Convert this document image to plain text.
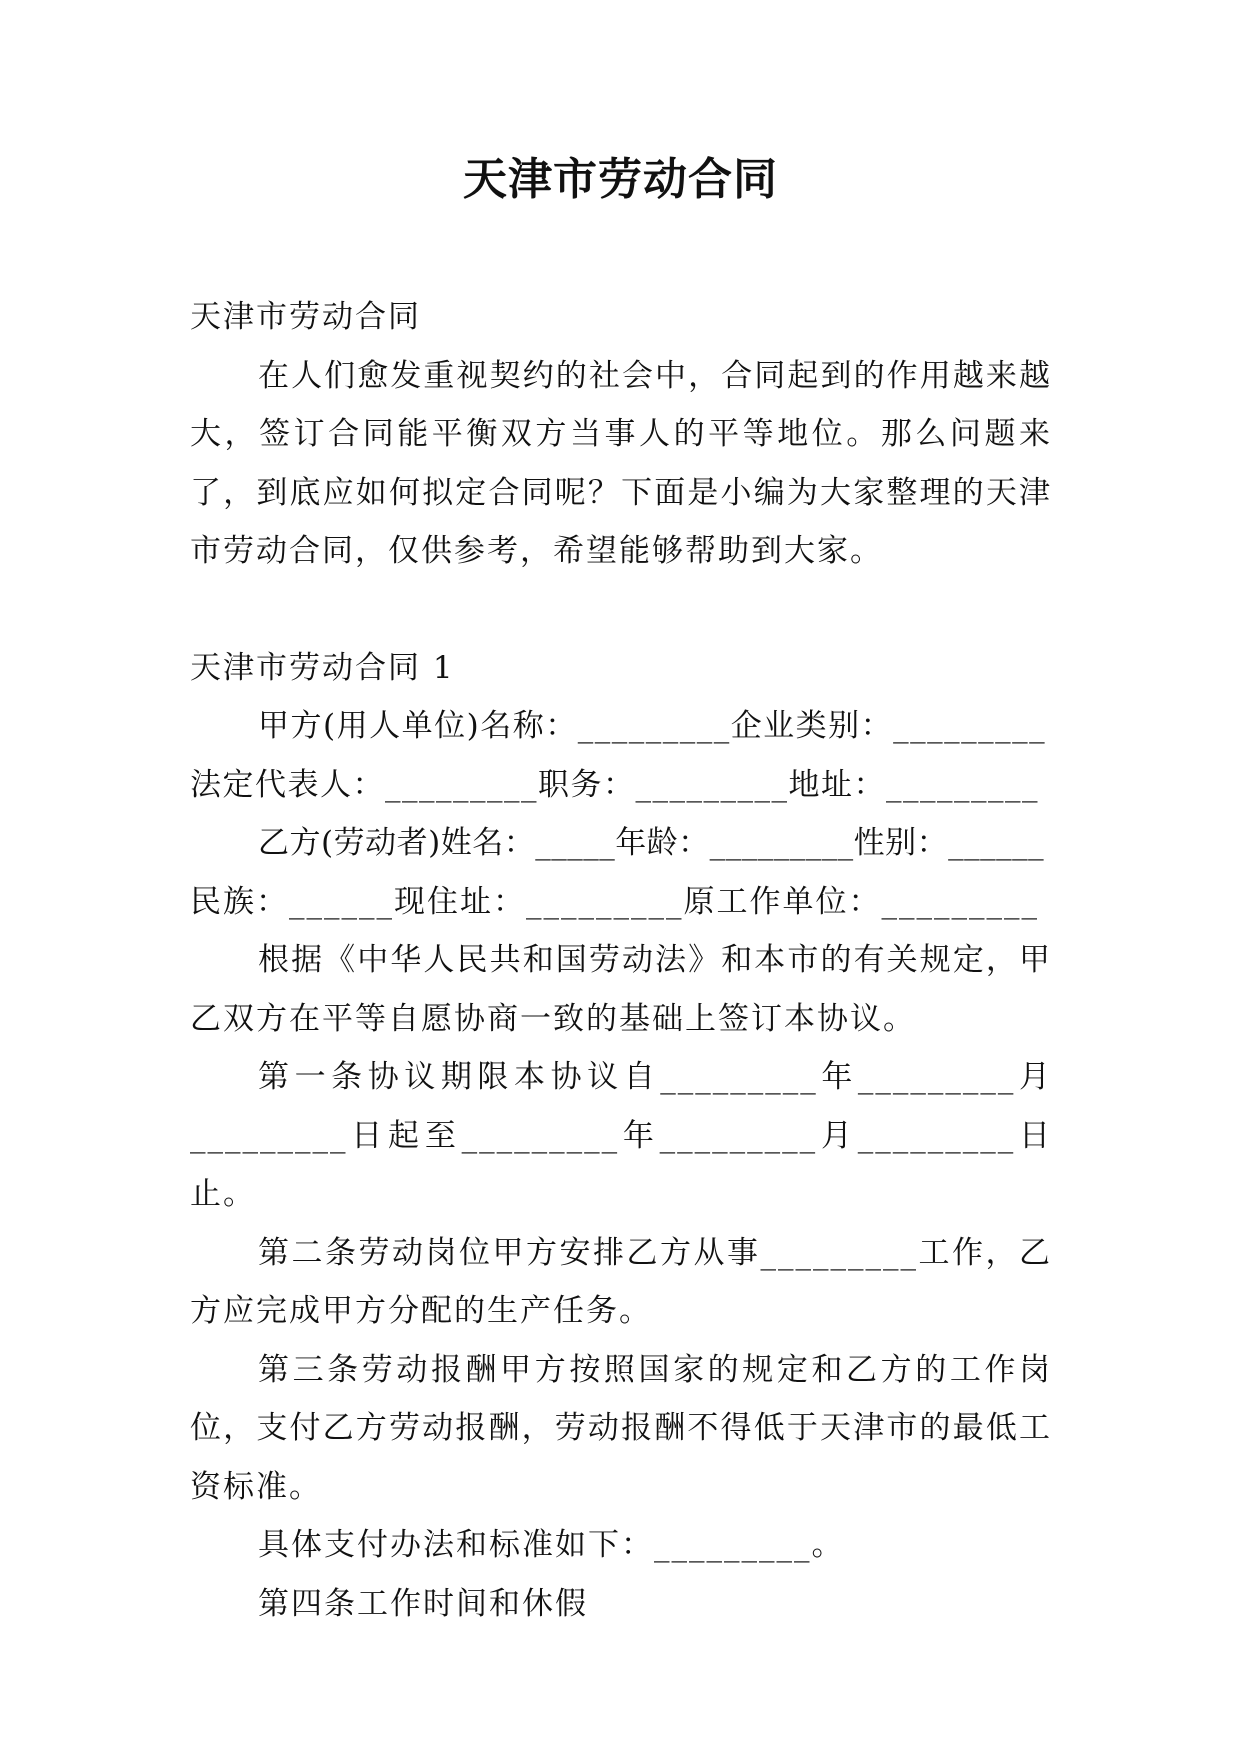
天津市劳动合同

天津市劳动合同

在人们愈发重视契约的社会中，合同起到的作用越来越大，签订合同能平衡双方当事人的平等地位。那么问题来了，到底应如何拟定合同呢？下面是小编为大家整理的天津市劳动合同，仅供参考，希望能够帮助到大家。

天津市劳动合同 1

甲方(用人单位)名称：_________企业类别：_________

法定代表人：_________职务：_________地址：_________

乙方(劳动者)姓名：_____年龄：_________性别：______

民族：______现住址：_________原工作单位：_________

根据《中华人民共和国劳动法》和本市的有关规定，甲乙双方在平等自愿协商一致的基础上签订本协议。

第一条协议期限本协议自_________年_________月_________日起至_________年_________月_________日止。

第二条劳动岗位甲方安排乙方从事_________工作，乙方应完成甲方分配的生产任务。

第三条劳动报酬甲方按照国家的规定和乙方的工作岗位，支付乙方劳动报酬，劳动报酬不得低于天津市的最低工资标准。

具体支付办法和标准如下：_________。

第四条工作时间和休假
